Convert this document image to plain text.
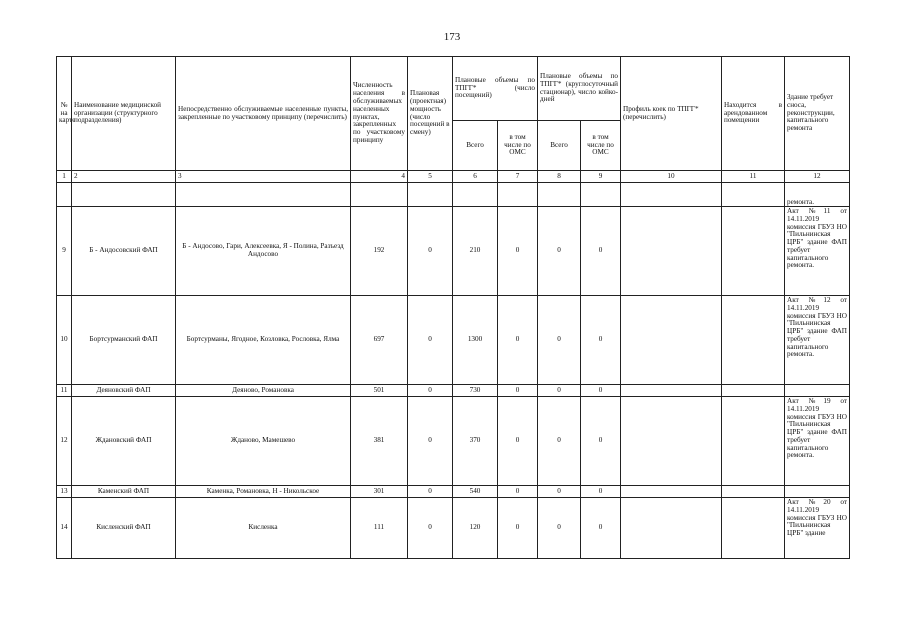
173
№ на карте	Наименование медицинской организации (структурного подразделения)	Непосредственно обслуживаемые населенные пункты, закрепленные по участковому принципу (перечислить)	Численность населения в обслуживаемых населенных пунктах, закрепленных по участковому принципу	Плановая (проектная) мощность (число посещений в смену)	Плановые объемы по ТПГГ* (число посещений)		Плановые объемы по ТПГГ* (круглосуточный стационар), число койко-дней		Профиль коек по ТПГГ* (перечислить)	Находится в арендованном помещении	Здание требует сноса, реконструкции, капитального ремонта
					Всего	в том числе по ОМС	Всего	в том числе по ОМС			
1	2	3	4	5	6	7	8	9	10	11	12
											ремонта.
9	Б - Андосовский ФАП	Б - Андосово, Гари, Алексеевка, Я - Полина, Разъезд Андосово	192	0	210	0	0	0			Акт №11 от 14.11.2019 комиссия ГБУЗ НО "Пильнинская ЦРБ" здание ФАП требует капитального ремонта.
10	Бортсурманский ФАП	Бортсурманы, Ягодное, Козловка, Рословка, Ялма	697	0	1300	0	0	0			Акт №12 от 14.11.2019 комиссия ГБУЗ НО "Пильнинская ЦРБ" здание ФАП требует капитального ремонта.
11	Деяновский ФАП	Деяново, Романовка	501	0	730	0	0	0			
12	Ждановский ФАП	Жданово, Мамешево	381	0	370	0	0	0			Акт №19 от 14.11.2019 комиссия ГБУЗ НО "Пильнинская ЦРБ" здание ФАП требует капитального ремонта.
13	Каменский ФАП	Каменка, Романовка, Н - Никольское	301	0	540	0	0	0			
14	Кисленский ФАП	Кисленка	111	0	120	0	0	0			Акт №20 от 14.11.2019 комиссия ГБУЗ НО "Пильнинская ЦРБ" здание
